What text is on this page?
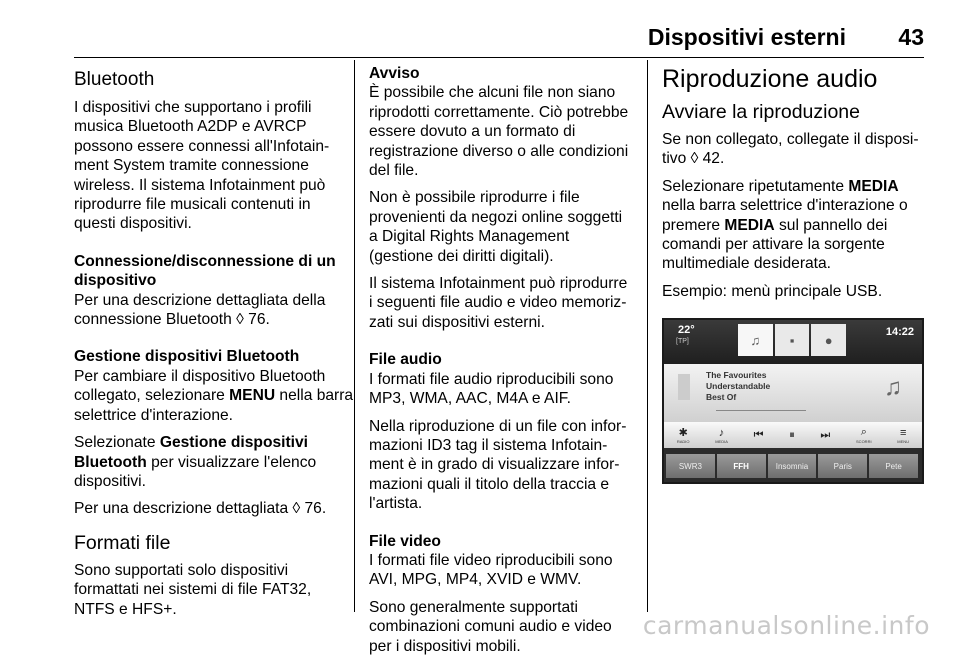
Dispositivi esterni 43
Bluetooth

I dispositivi che supportano i profili musica Bluetooth A2DP e AVRCP possono essere connessi all'Infotainment System tramite connessione wireless. Il sistema Infotainment può riprodurre file musicali contenuti in questi dispositivi.

Connessione/disconnessione di un dispositivo

Per una descrizione dettagliata della connessione Bluetooth ◊ 76.

Gestione dispositivi Bluetooth

Per cambiare il dispositivo Bluetooth collegato, selezionare MENU nella barra selettrice d'interazione.

Selezionate Gestione dispositivi Bluetooth per visualizzare l'elenco dispositivi.

Per una descrizione dettagliata ◊ 76.

Formati file

Sono supportati solo dispositivi formattati nei sistemi di file FAT32, NTFS e HFS+.

Avviso

È possibile che alcuni file non siano riprodotti correttamente. Ciò potrebbe essere dovuto a un formato di registrazione diverso o alle condizioni del file.

Non è possibile riprodurre i file provenienti da negozi online soggetti a Digital Rights Management (gestione dei diritti digitali).

Il sistema Infotainment può riprodurre i seguenti file audio e video memorizzati sui dispositivi esterni.

File audio

I formati file audio riproducibili sono MP3, WMA, AAC, M4A e AIF.

Nella riproduzione di un file con informazioni ID3 tag il sistema Infotainment è in grado di visualizzare informazioni quali il titolo della traccia e l'artista.

File video

I formati file video riproducibili sono AVI, MPG, MP4, XVID e WMV.

Sono generalmente supportati combinazioni comuni audio e video per i dispositivi mobili.

Riproduzione audio
Avviare la riproduzione

Se non collegato, collegate il dispositivo ◊ 42.

Selezionare ripetutamente MEDIA nella barra selettrice d'interazione o premere MEDIA sul pannello dei comandi per attivare la sorgente multimediale desiderata.

Esempio: menù principale USB.

22°
[TP]	♫	▪	●
14:22
The Favourites
Understandable
Best Of	♫
✱
RADIO
♪
MEDIA
⏮ ⏸ ⏭	⌕
SCORRI
≡
MENU
SWR3	FFH	Insomnia	Paris	Pete
carmanualsonline.info
